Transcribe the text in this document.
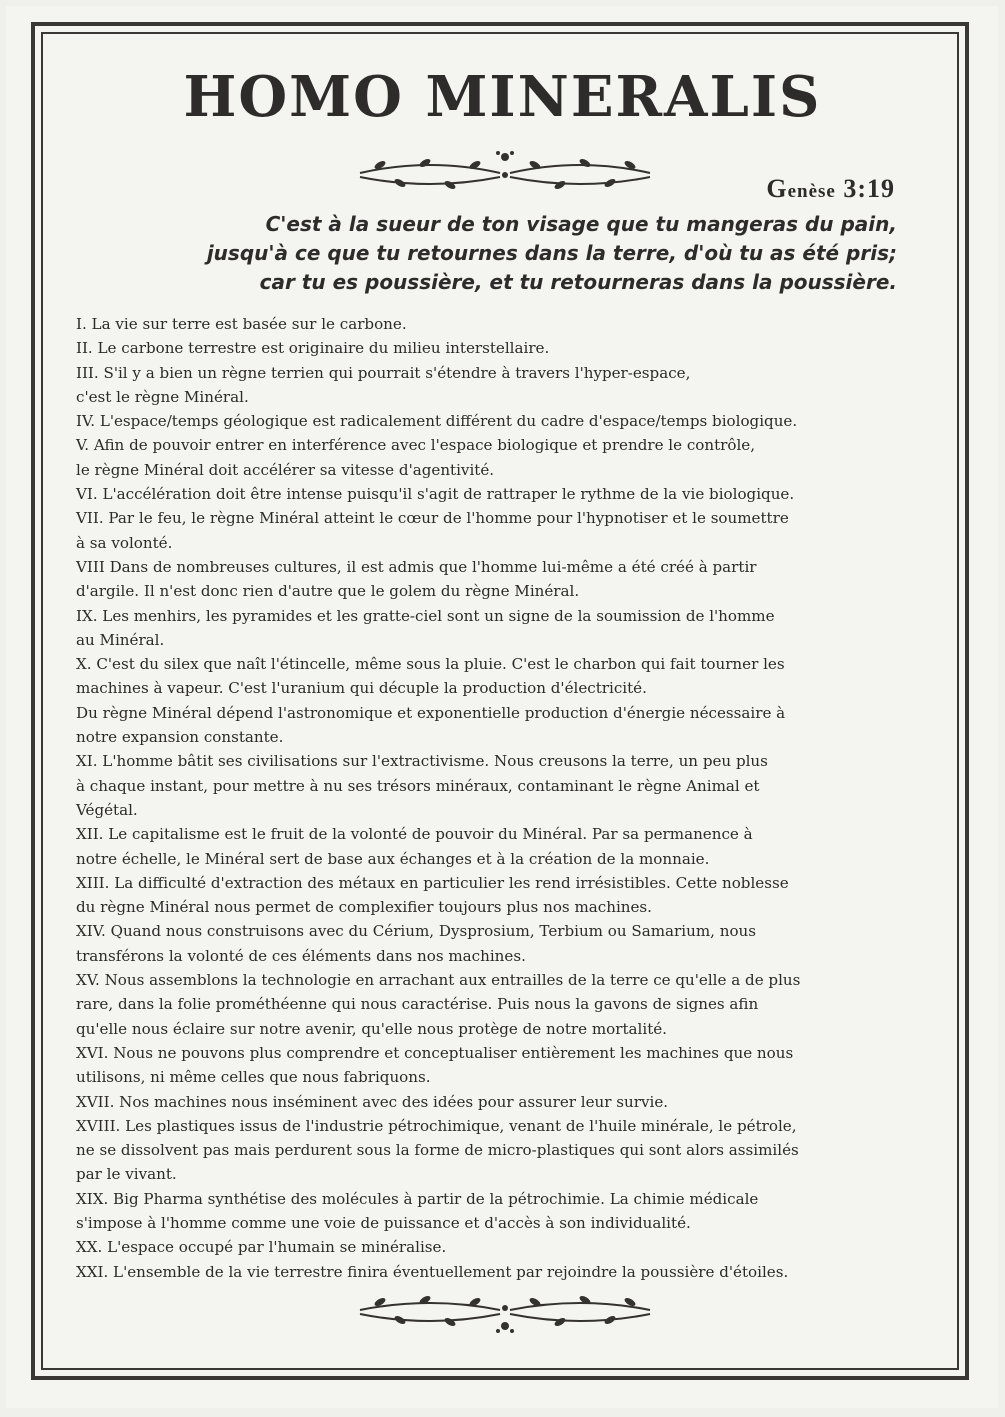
HOMO MINERALIS
Genèse 3:19
C'est à la sueur de ton visage que tu mangeras du pain,
jusqu'à ce que tu retournes dans la terre, d'où tu as été pris;
car tu es poussière, et tu retourneras dans la poussière.
I. La vie sur terre est basée sur le carbone.
II. Le carbone terrestre est originaire du milieu interstellaire.
III. S'il y a bien un règne terrien qui pourrait s'étendre à travers l'hyper-espace,
c'est le règne Minéral.
IV. L'espace/temps géologique est radicalement différent du cadre d'espace/temps biologique.
V. Afin de pouvoir entrer en interférence avec l'espace biologique et prendre le contrôle,
le règne Minéral doit accélérer sa vitesse d'agentivité.
VI. L'accélération doit être intense puisqu'il s'agit de rattraper le rythme de la vie biologique.
VII. Par le feu, le règne Minéral atteint le cœur de l'homme pour l'hypnotiser et le soumettre
à sa volonté.
VIII Dans de nombreuses cultures, il est admis que l'homme lui-même a été créé à partir
d'argile. Il n'est donc rien d'autre que le golem du règne Minéral.
IX. Les menhirs, les pyramides et les gratte-ciel sont un signe de la soumission de l'homme
au Minéral.
X. C'est du silex que naît l'étincelle, même sous la pluie. C'est le charbon qui fait tourner les
machines à vapeur. C'est l'uranium qui décuple la production d'électricité.
Du règne Minéral dépend l'astronomique et exponentielle production d'énergie nécessaire à
notre expansion constante.
XI. L'homme bâtit ses civilisations sur l'extractivisme. Nous creusons la terre, un peu plus
à chaque instant, pour mettre à nu ses trésors minéraux, contaminant le règne Animal et
Végétal.
XII. Le capitalisme est le fruit de la volonté de pouvoir du Minéral. Par sa permanence à
notre échelle, le Minéral sert de base aux échanges et à la création de la monnaie.
XIII. La difficulté d'extraction des métaux en particulier les rend irrésistibles. Cette noblesse
du règne Minéral nous permet de complexifier toujours plus nos machines.
XIV. Quand nous construisons avec du Cérium, Dysprosium, Terbium ou Samarium, nous
transférons la volonté de ces éléments dans nos machines.
XV. Nous assemblons la technologie en arrachant aux entrailles de la terre ce qu'elle a de plus
rare, dans la folie prométhéenne qui nous caractérise. Puis nous la gavons de signes afin
qu'elle nous éclaire sur notre avenir, qu'elle nous protège de notre mortalité.
XVI. Nous ne pouvons plus comprendre et conceptualiser entièrement les machines que nous
utilisons, ni même celles que nous fabriquons.
XVII. Nos machines nous inséminent avec des idées pour assurer leur survie.
XVIII. Les plastiques issus de l'industrie pétrochimique, venant de l'huile minérale, le pétrole,
ne se dissolvent pas mais perdurent sous la forme de micro-plastiques qui sont alors assimilés
par le vivant.
XIX. Big Pharma synthétise des molécules à partir de la pétrochimie. La chimie médicale
s'impose à l'homme comme une voie de puissance et d'accès à son individualité.
XX. L'espace occupé par l'humain se minéralise.
XXI. L'ensemble de la vie terrestre finira éventuellement par rejoindre la poussière d'étoiles.
